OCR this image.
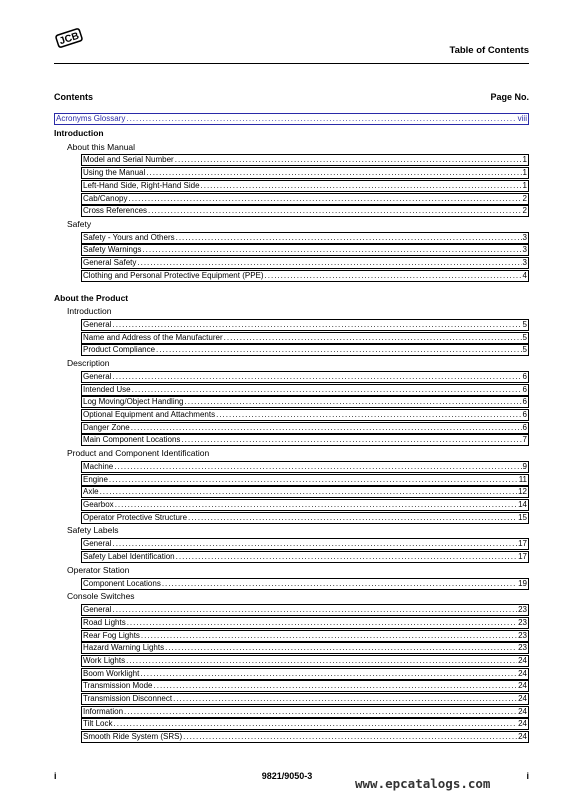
JCB
Table of Contents
Contents	Page No.
Acronyms Glossary .....	viii
Introduction
About this Manual
Model and Serial Number .....	1
Using the Manual .....	1
Left-Hand Side, Right-Hand Side .....	1
Cab/Canopy .....	2
Cross References .....	2
Safety
Safety - Yours and Others .....	3
Safety Warnings .....	3
General Safety .....	3
Clothing and Personal Protective Equipment (PPE) .....	4
About the Product
Introduction
General .....	5
Name and Address of the Manufacturer .....	5
Product Compliance .....	5
Description
General .....	6
Intended Use .....	6
Log Moving/Object Handling .....	6
Optional Equipment and Attachments .....	6
Danger Zone .....	6
Main Component Locations .....	7
Product and Component Identification
Machine .....	9
Engine .....	11
Axle .....	12
Gearbox .....	14
Operator Protective Structure .....	15
Safety Labels
General .....	17
Safety Label Identification .....	17
Operator Station
Component Locations .....	19
Console Switches
General .....	23
Road Lights .....	23
Rear Fog Lights .....	23
Hazard Warning Lights .....	23
Work Lights .....	24
Boom Worklight .....	24
Transmission Mode .....	24
Transmission Disconnect .....	24
Information .....	24
Tilt Lock .....	24
Smooth Ride System (SRS) .....	24
i	9821/9050-3	i
www.epcatalogs.com
